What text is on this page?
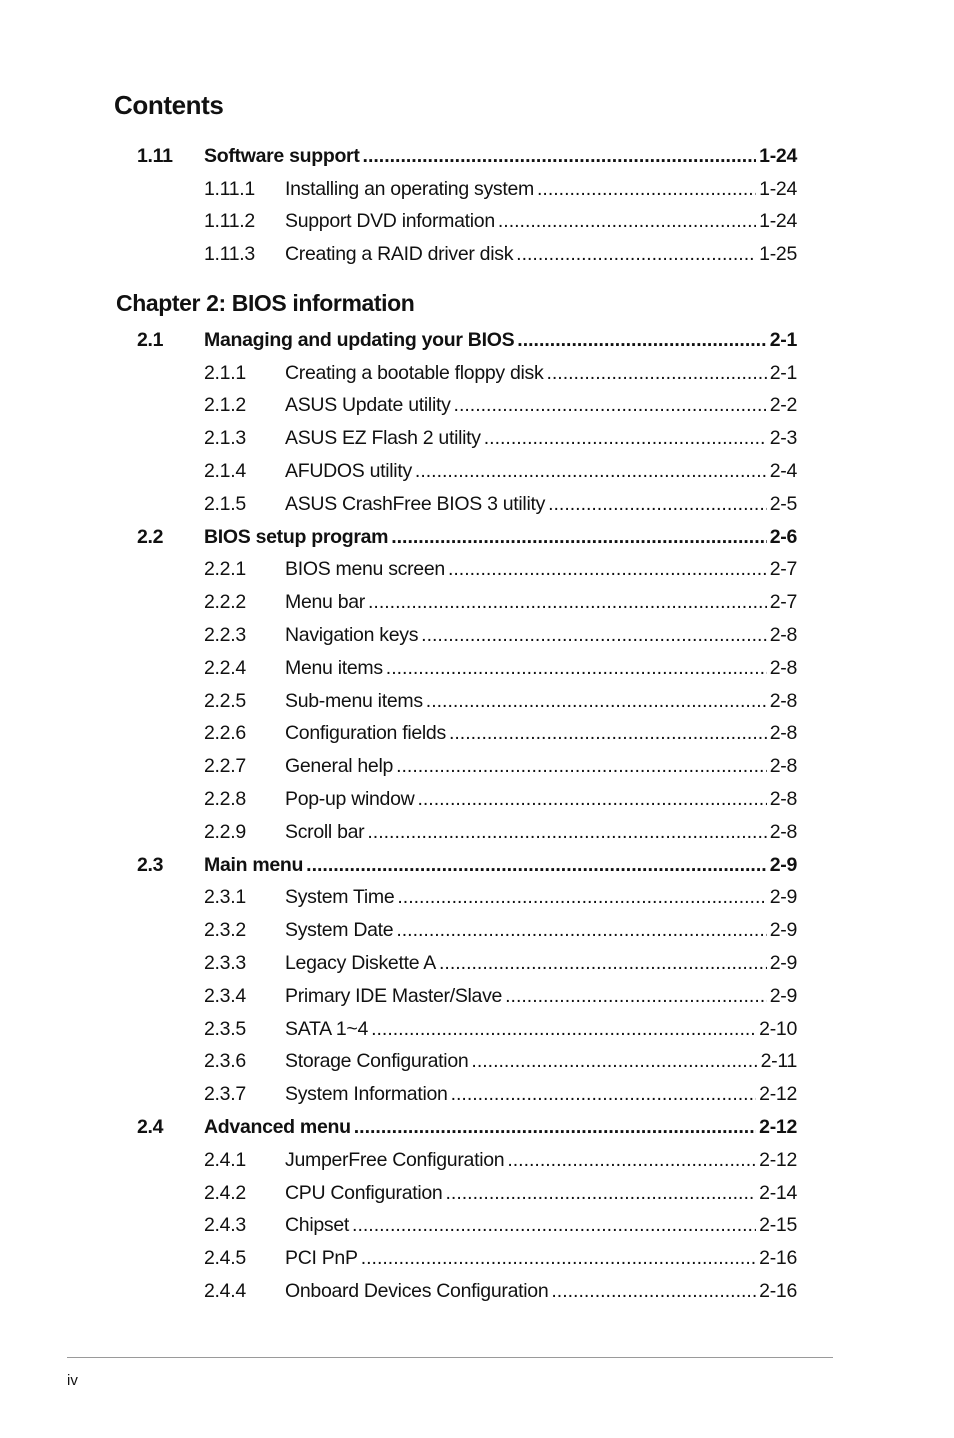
Contents
1.11	Software support .....	1-24
1.11.1	Installing an operating system .....	1-24
1.11.2	Support DVD information .....	1-24
1.11.3	Creating a RAID driver disk .....	1-25
Chapter 2: BIOS information
2.1	Managing and updating your BIOS .....	2-1
2.1.1	Creating a bootable floppy disk .....	2-1
2.1.2	ASUS Update utility .....	2-2
2.1.3	ASUS EZ Flash 2 utility .....	2-3
2.1.4	AFUDOS utility .....	2-4
2.1.5	ASUS CrashFree BIOS 3 utility .....	2-5
2.2	BIOS setup program .....	2-6
2.2.1	BIOS menu screen .....	2-7
2.2.2	Menu bar .....	2-7
2.2.3	Navigation keys .....	2-8
2.2.4	Menu items .....	2-8
2.2.5	Sub-menu items .....	2-8
2.2.6	Configuration fields .....	2-8
2.2.7	General help .....	2-8
2.2.8	Pop-up window .....	2-8
2.2.9	Scroll bar .....	2-8
2.3	Main menu .....	2-9
2.3.1	System Time .....	2-9
2.3.2	System Date .....	2-9
2.3.3	Legacy Diskette A .....	2-9
2.3.4	Primary IDE Master/Slave .....	2-9
2.3.5	SATA 1~4 .....	2-10
2.3.6	Storage Configuration .....	2-11
2.3.7	System Information .....	2-12
2.4	Advanced menu .....	2-12
2.4.1	JumperFree Configuration .....	2-12
2.4.2	CPU Configuration .....	2-14
2.4.3	Chipset .....	2-15
2.4.5	PCI PnP .....	2-16
2.4.4	Onboard Devices Configuration .....	2-16
iv
